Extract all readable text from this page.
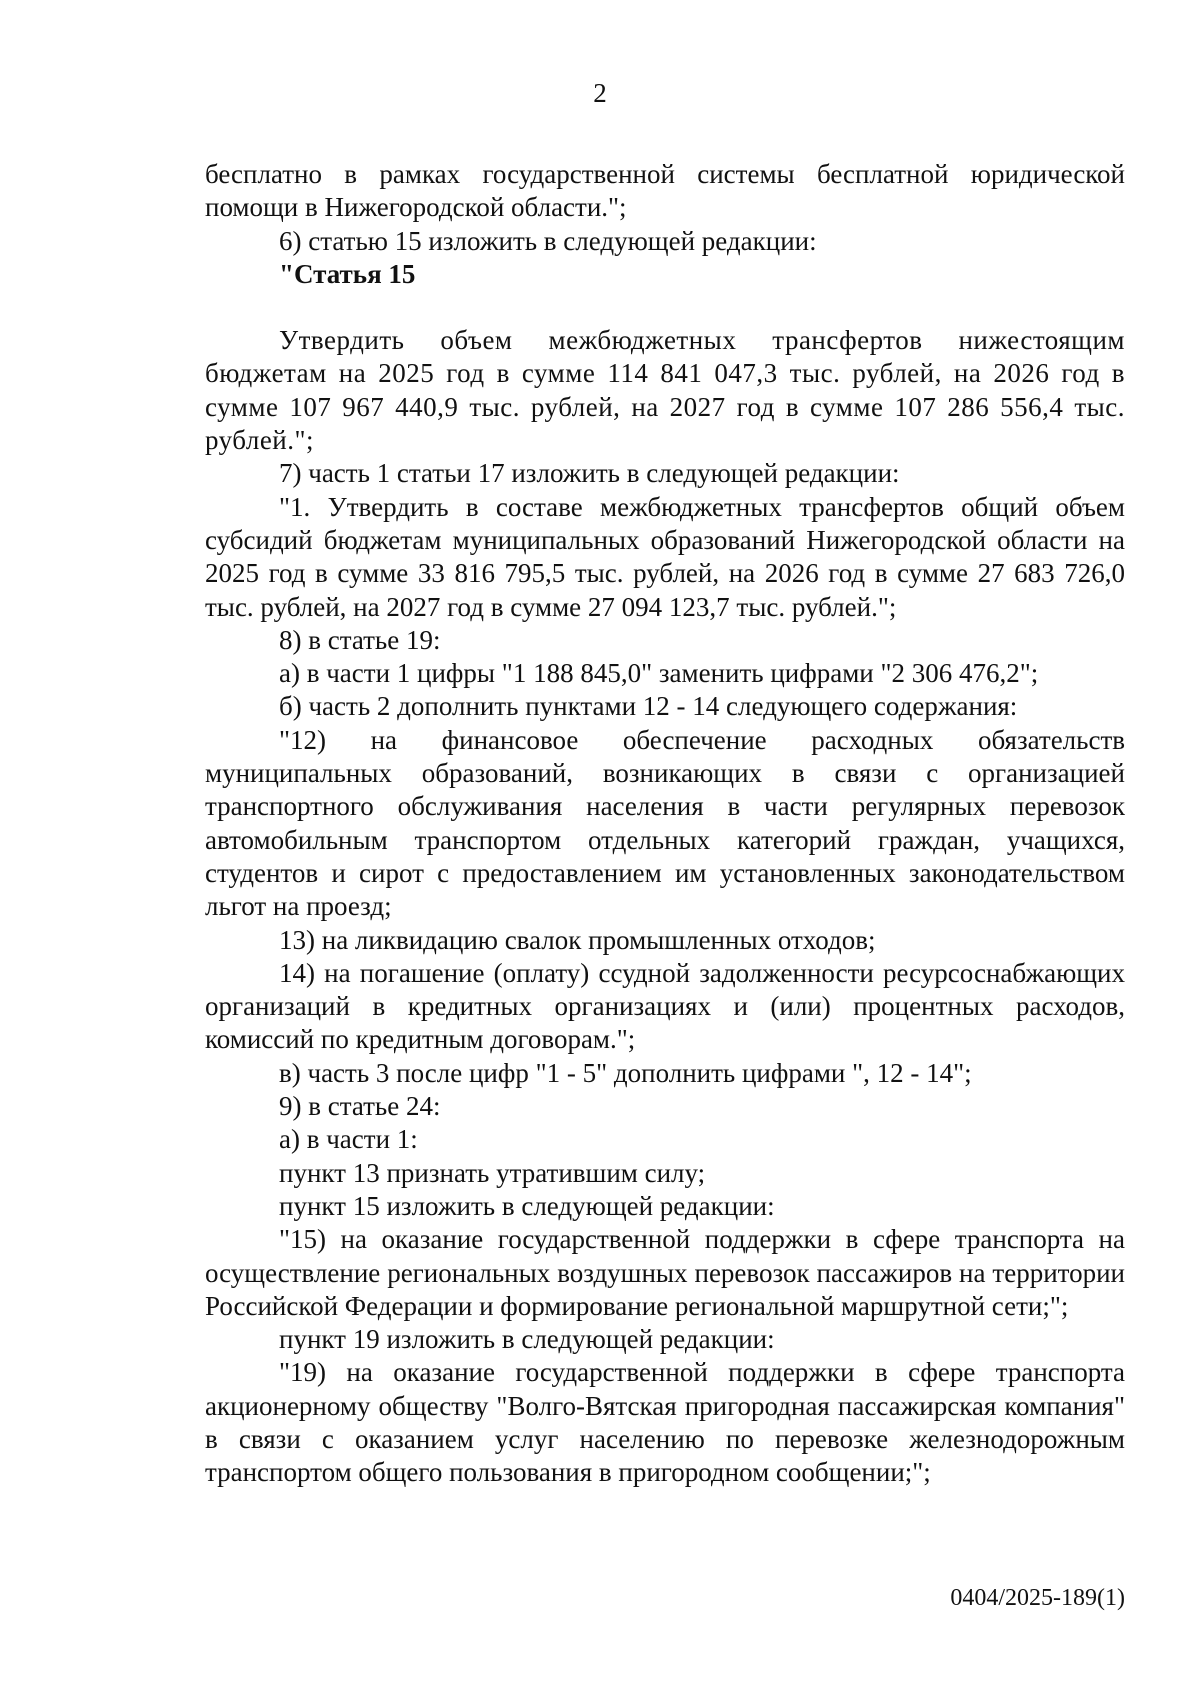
2

бесплатно в рамках государственной системы бесплатной юридической помощи в Нижегородской области.";

6) статью 15 изложить в следующей редакции:

"Статья 15

Утвердить объем межбюджетных трансфертов нижестоящим бюджетам на 2025 год в сумме 114 841 047,3 тыс. рублей, на 2026 год в сумме 107 967 440,9 тыс. рублей, на 2027 год в сумме 107 286 556,4 тыс. рублей.";

7) часть 1 статьи 17 изложить в следующей редакции:

"1. Утвердить в составе межбюджетных трансфертов общий объем субсидий бюджетам муниципальных образований Нижегородской области на 2025 год в сумме 33 816 795,5 тыс. рублей, на 2026 год в сумме 27 683 726,0 тыс. рублей, на 2027 год в сумме 27 094 123,7 тыс. рублей.";

8) в статье 19:

а) в части 1 цифры "1 188 845,0" заменить цифрами "2 306 476,2";

б) часть 2 дополнить пунктами 12 - 14 следующего содержания:

"12) на финансовое обеспечение расходных обязательств муниципальных образований, возникающих в связи с организацией транспортного обслуживания населения в части регулярных перевозок автомобильным транспортом отдельных категорий граждан, учащихся, студентов и сирот с предоставлением им установленных законодательством льгот на проезд;

13) на ликвидацию свалок промышленных отходов;

14) на погашение (оплату) ссудной задолженности ресурсоснабжающих организаций в кредитных организациях и (или) процентных расходов, комиссий по кредитным договорам.";

в) часть 3 после цифр "1 - 5" дополнить цифрами ", 12 - 14";

9) в статье 24:

а) в части 1:

пункт 13 признать утратившим силу;

пункт 15 изложить в следующей редакции:

"15) на оказание государственной поддержки в сфере транспорта на осуществление региональных воздушных перевозок пассажиров на территории Российской Федерации и формирование региональной маршрутной сети;";

пункт 19 изложить в следующей редакции:

"19) на оказание государственной поддержки в сфере транспорта акционерному обществу "Волго-Вятская пригородная пассажирская компания" в связи с оказанием услуг населению по перевозке железнодорожным транспортом общего пользования в пригородном сообщении;";

0404/2025-189(1)
